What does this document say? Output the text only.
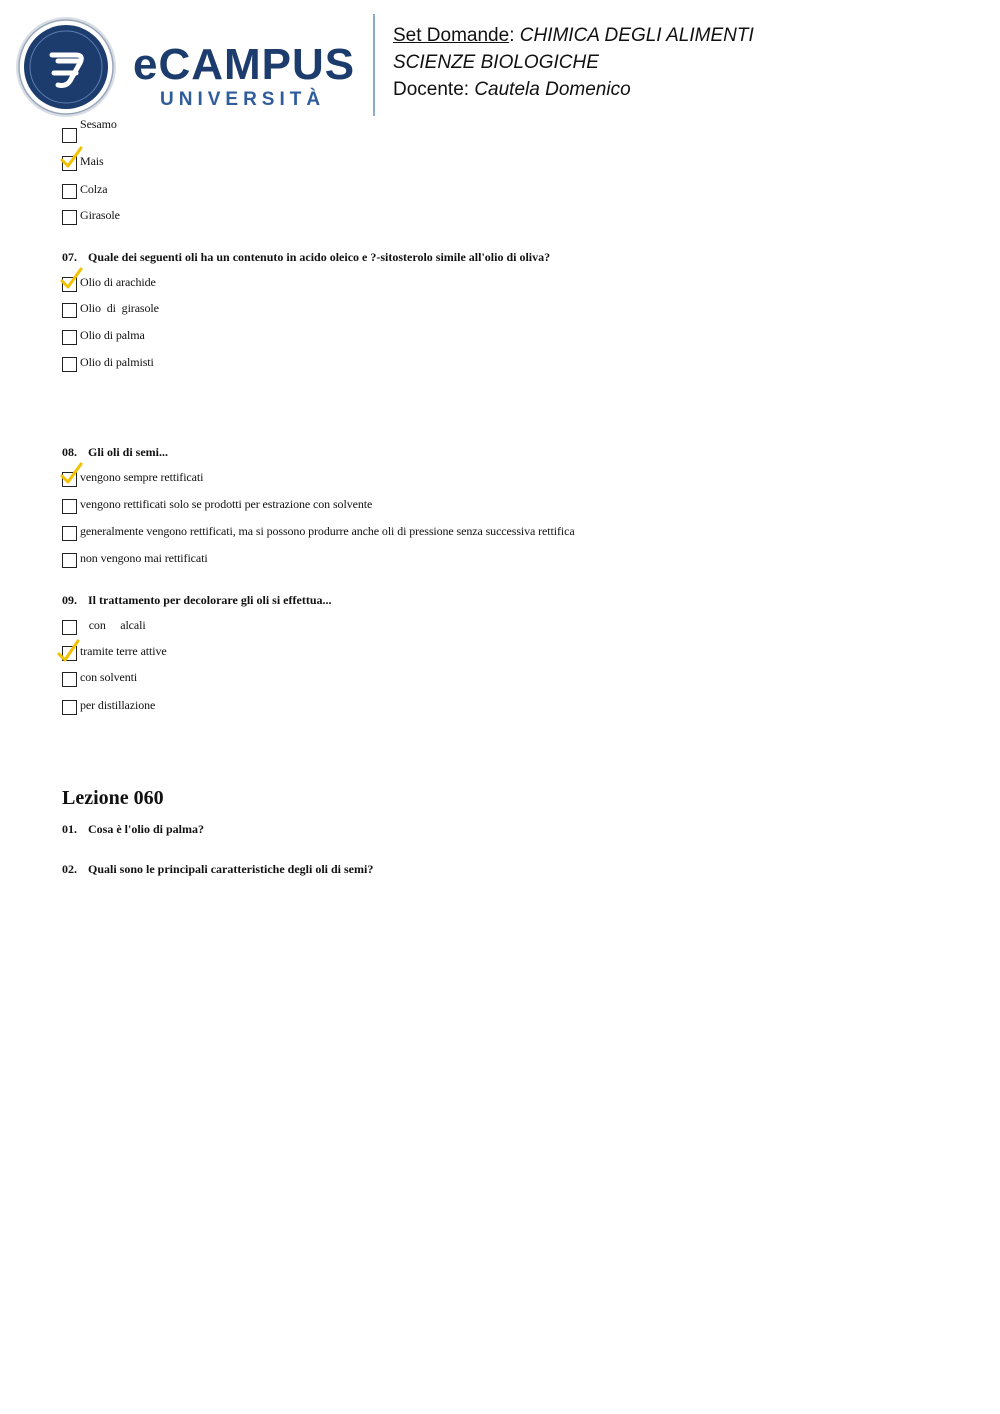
eCAMPUS
UNIVERSITÀ
Set Domande: CHIMICA DEGLI ALIMENTI
SCIENZE BIOLOGICHE
Docente: Cautela Domenico
Sesamo
Mais
Colza
Girasole
07. Quale dei seguenti oli ha un contenuto in acido oleico e ?-sitosterolo simile all'olio di oliva?
Olio di arachide
Olio  di  girasole
Olio di palma
Olio di palmisti
08. Gli oli di semi...
vengono sempre rettificati
vengono rettificati solo se prodotti per estrazione con solvente
generalmente vengono rettificati, ma si possono produrre anche oli di pressione senza successiva rettifica
non vengono mai rettificati
09. Il trattamento per decolorare gli oli si effettua...
con     alcali
tramite terre attive
con solventi
per distillazione
Lezione 060
01. Cosa è l'olio di palma?
02. Quali sono le principali caratteristiche degli oli di semi?
